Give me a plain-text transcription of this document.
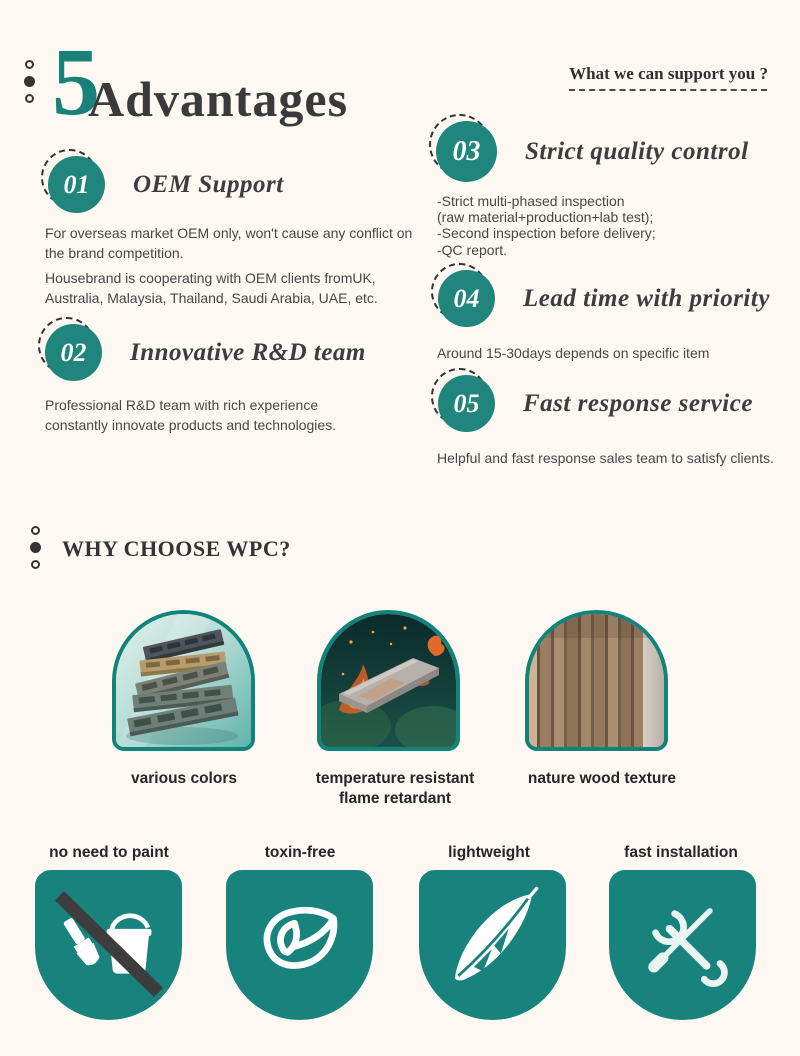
5
Advantages	What we can support you ?
01	OEM Support
For overseas market OEM only, won't cause any conflict on the brand competition.
Housebrand is cooperating with OEM clients fromUK, Australia, Malaysia, Thailand, Saudi Arabia, UAE, etc.
02	Innovative R&D team
Professional R&D team with rich experience constantly innovate products and technologies.
03	Strict quality control
-Strict multi-phased inspection
(raw material+production+lab test);
-Second inspection before delivery;
-QC report.
04	Lead time with priority
Around 15-30days depends on specific item
05	Fast response service
Helpful and fast response sales team to satisfy clients.
WHY CHOOSE WPC?
various colors	temperature resistant
flame retardant
nature wood texture
no need to paint	toxin-free	lightweight	fast installation
